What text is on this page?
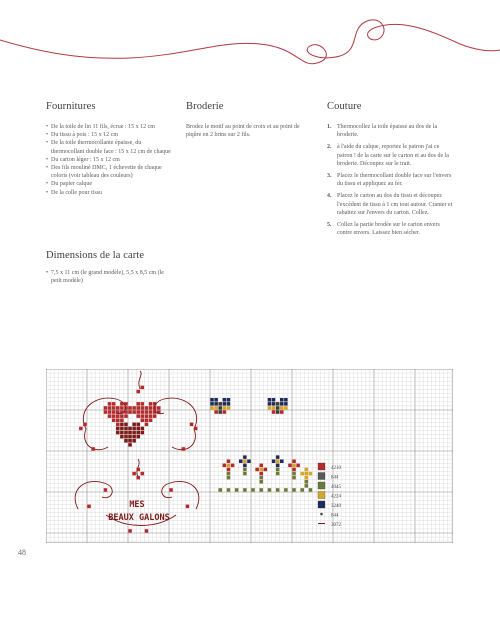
Fournitures
• De la toile de lin 11 fils, écrue : 15 x 12 cm
• Du tissu à pois : 15 x 12 cm
• De la toile thermocollante épaisse, du thermocollant double face : 15 x 12 cm de chaque
• Du carton léger : 15 x 12 cm
• Des fils mouliné DMC, 1 échevette de chaque coloris (voir tableau des couleurs)
• Du papier calque
• De la colle pour tissu
Dimensions de la carte
• 7,5 x 11 cm (le grand modèle), 5,5 x 8,5 cm (le petit modèle)
Broderie
Brodez le motif au point de croix et au point de piqûre en 2 brins sur 2 fils.
Couture
1. Thermocollez la toile épaisse au dos de la broderie.
2. à l'aide du calque, reportez le patron j'ai ce patron ! de la carte sur le carton et au dos de la broderie. Découpez sur le trait.
3. Placez le thermocollant double face sur l'envers du tissu et appliquez au fer.
4. Placez le carton au dos du tissu et découpez l'excédent de tissu à 1 cm tout autour. Cranter et rabattez sur l'envers du carton. Collez.
5. Collez la partie brodée sur le carton envers contre envers. Laissez bien sécher.
MES
BEAUX GALONS
4210
844
4045
4224
3240
844
3072
48
